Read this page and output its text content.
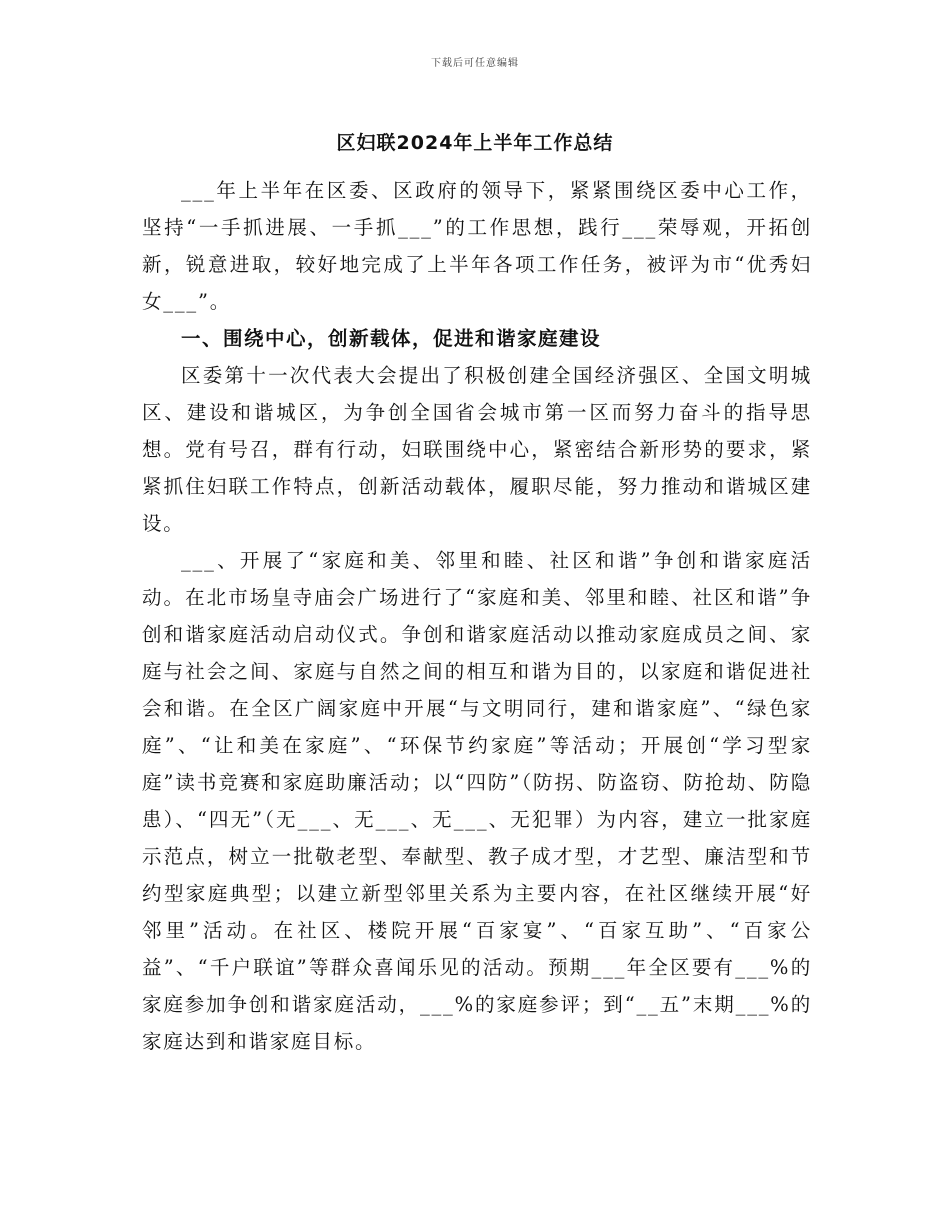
下载后可任意编辑
区妇联2024年上半年工作总结

___年上半年在区委、区政府的领导下，紧紧围绕区委中心工作，坚持“一手抓进展、一手抓___”的工作思想，践行___荣辱观，开拓创新，锐意进取，较好地完成了上半年各项工作任务，被评为市“优秀妇女___”。

一、围绕中心，创新载体，促进和谐家庭建设

区委第十一次代表大会提出了积极创建全国经济强区、全国文明城区、建设和谐城区，为争创全国省会城市第一区而努力奋斗的指导思想。党有号召，群有行动，妇联围绕中心，紧密结合新形势的要求，紧紧抓住妇联工作特点，创新活动载体，履职尽能，努力推动和谐城区建设。

___、开展了“家庭和美、邻里和睦、社区和谐”争创和谐家庭活动。在北市场皇寺庙会广场进行了“家庭和美、邻里和睦、社区和谐”争创和谐家庭活动启动仪式。争创和谐家庭活动以推动家庭成员之间、家庭与社会之间、家庭与自然之间的相互和谐为目的，以家庭和谐促进社会和谐。在全区广阔家庭中开展“与文明同行，建和谐家庭”、“绿色家庭”、“让和美在家庭”、“环保节约家庭”等活动；开展创“学习型家庭”读书竞赛和家庭助廉活动；以“四防”（防拐、防盗窃、防抢劫、防隐患）、“四无”（无___、无___、无___、无犯罪）为内容，建立一批家庭示范点，树立一批敬老型、奉献型、教子成才型，才艺型、廉洁型和节约型家庭典型；以建立新型邻里关系为主要内容，在社区继续开展“好邻里”活动。在社区、楼院开展“百家宴”、“百家互助”、“百家公益”、“千户联谊”等群众喜闻乐见的活动。预期___年全区要有___%的家庭参加争创和谐家庭活动，___%的家庭参评；到“__五”末期___%的家庭达到和谐家庭目标。
